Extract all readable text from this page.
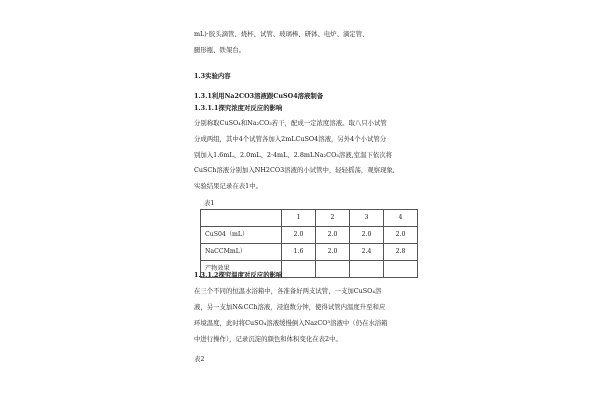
mL)·胶头滴管、烧杯、试管、玻璃棒、研钵、电炉、滴定管、
腿形瓶、铁架台。
1.3实验内容
1.3.1利用Na2CO3溶液跟CuSO4溶液制备
1.3.1.1探究浓度对反应的影响
分别称取CuSO₄和Na₂CO₃若干，配成一定浓度溶液。取八只小试管
分成两组，其中4个试管各加入2mLCuSO4溶液，另外4个小试管分
别加入1.6mL、2.0mL、2·4mL、2.8mLNa₂CO₃溶液,室温下依次将
CuSCh溶液分别加入NH2CO3溶液的小试管中，轻轻摇荡，观察现象,
实验结果记录在表1中。
表1
	1	2	3	4
CuS04（mL）	2.0	2.0	2.0	2.0
NaCCMmL）	1.6	2.0	2.4	2.8
产物效果				
1.3.1.2探究温度对反应的影响
在三个不同的恒温水浴箱中，各准备好两支试管，一支加CuSO₄溶
液，另一支加N&CCh溶液，浸泡数分钟，使得试管内温度升至和应
环境温度，此时将CuSO₄溶液缓慢倒入NazCO³溶液中（仍在水浴箱
中进行操作），记录沉淀的颜色和体积变化在表2中。
表2
